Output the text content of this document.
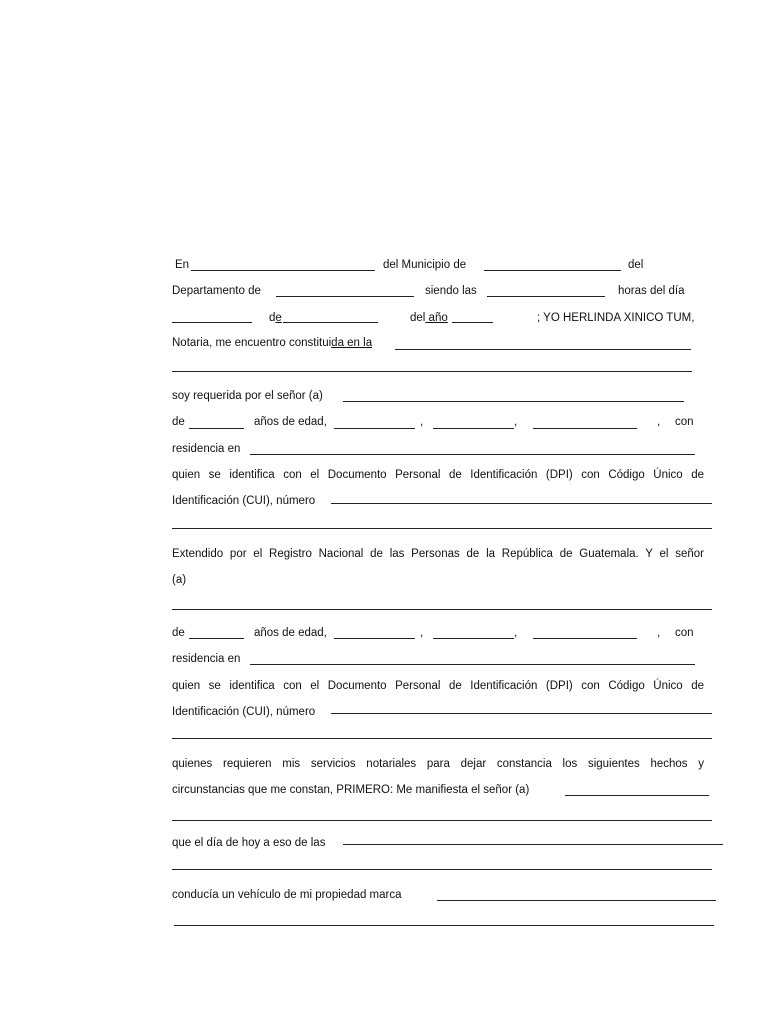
En	del Municipio de	del
Departamento de	siendo las	horas del día
de	del año	; YO HERLINDA XINICO TUM,
Notaria, me encuentro constituida en la
soy requerida por el señor (a)
de	años de edad,	,	,	, con
residencia en
quien se identifica con el Documento Personal de Identificación (DPI) con Código Único de
Identificación (CUI), número
Extendido por el Registro Nacional de las Personas de la República de Guatemala. Y el señor
(a)
de	años de edad,	,	,	, con
residencia en
quien se identifica con el Documento Personal de Identificación (DPI) con Código Único de
Identificación (CUI), número
quienes requieren mis servicios notariales para dejar constancia los siguientes hechos y
circunstancias que me constan, PRIMERO: Me manifiesta el señor (a)
que el día de hoy a eso de las
conducía un vehículo de mi propiedad marca
